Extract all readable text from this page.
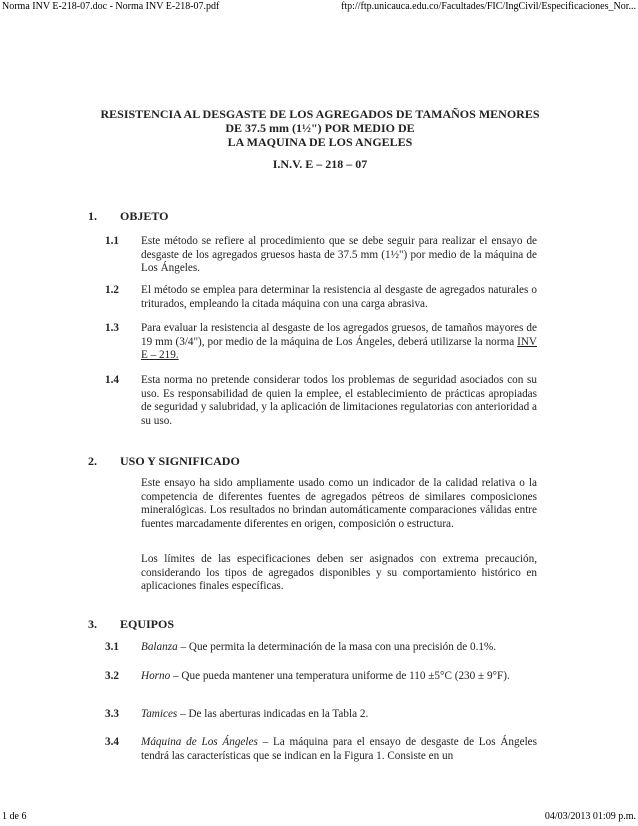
Norma INV E-218-07.doc - Norma INV E-218-07.pdf	ftp://ftp.unicauca.edu.co/Facultades/FIC/IngCivil/Especificaciones_Nor...
RESISTENCIA AL DESGASTE DE LOS AGREGADOS DE TAMAÑOS MENORES
DE 37.5 mm (1½") POR MEDIO DE
LA MAQUINA DE LOS ANGELES
I.N.V. E – 218 – 07
1. OBJETO
1.1 Este método se refiere al procedimiento que se debe seguir para realizar el ensayo de desgaste de los agregados gruesos hasta de 37.5 mm (1½") por medio de la máquina de Los Ángeles.
1.2 El método se emplea para determinar la resistencia al desgaste de agregados naturales o triturados, empleando la citada máquina con una carga abrasiva.
1.3 Para evaluar la resistencia al desgaste de los agregados gruesos, de tamaños mayores de 19 mm (3/4"), por medio de la máquina de Los Ángeles, deberá utilizarse la norma INV E – 219.
1.4 Esta norma no pretende considerar todos los problemas de seguridad asociados con su uso. Es responsabilidad de quien la emplee, el establecimiento de prácticas apropiadas de seguridad y salubridad, y la aplicación de limitaciones regulatorias con anterioridad a su uso.
2. USO Y SIGNIFICADO
Este ensayo ha sido ampliamente usado como un indicador de la calidad relativa o la competencia de diferentes fuentes de agregados pétreos de similares composiciones mineralógicas. Los resultados no brindan automáticamente comparaciones válidas entre fuentes marcadamente diferentes en origen, composición o estructura.
Los límites de las especificaciones deben ser asignados con extrema precaución, considerando los tipos de agregados disponibles y su comportamiento histórico en aplicaciones finales específicas.
3. EQUIPOS
3.1 Balanza – Que permita la determinación de la masa con una precisión de 0.1%.
3.2 Horno – Que pueda mantener una temperatura uniforme de 110 ±5°C (230 ± 9°F).
3.3 Tamices – De las aberturas indicadas en la Tabla 2.
3.4 Máquina de Los Ángeles – La máquina para el ensayo de desgaste de Los Ángeles tendrá las características que se indican en la Figura 1. Consiste en un
1 de 6	04/03/2013 01:09 p.m.
